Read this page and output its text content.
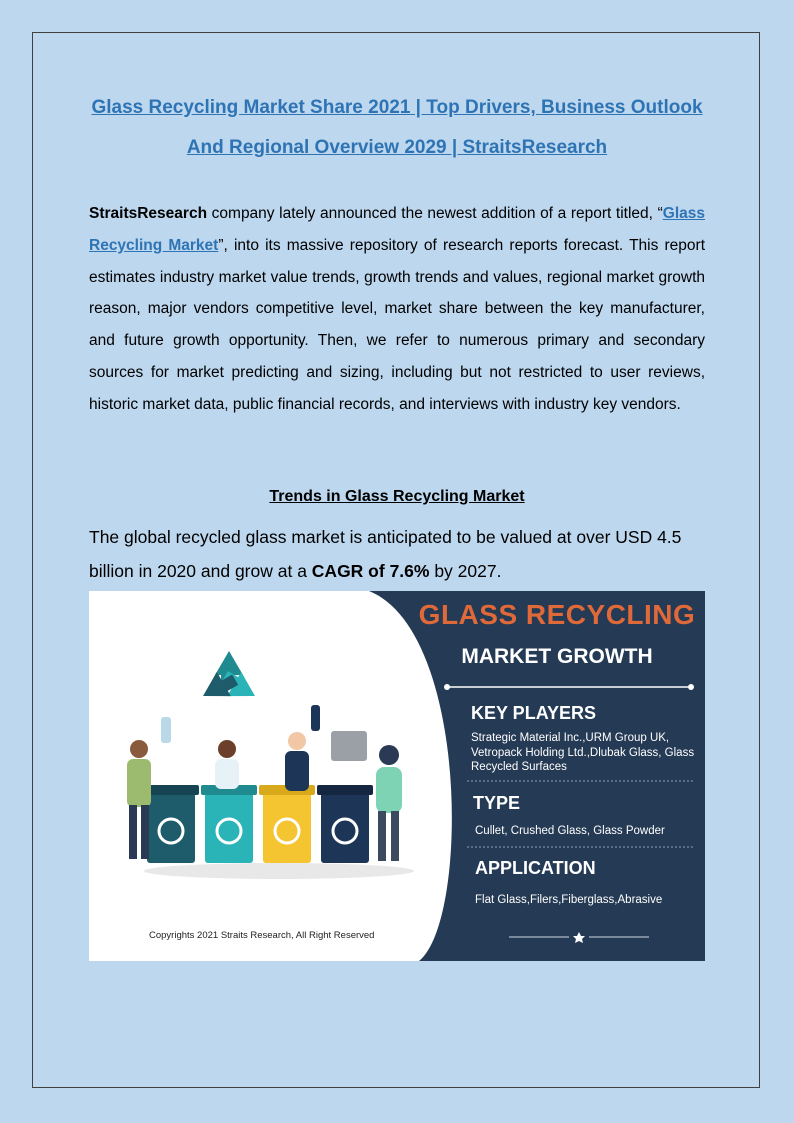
Glass Recycling Market Share 2021 | Top Drivers, Business Outlook
And Regional Overview 2029 | StraitsResearch
StraitsResearch company lately announced the newest addition of a report titled, “Glass Recycling Market”, into its massive repository of research reports forecast. This report estimates industry market value trends, growth trends and values, regional market growth reason, major vendors competitive level, market share between the key manufacturer, and future growth opportunity. Then, we refer to numerous primary and secondary sources for market predicting and sizing, including but not restricted to user reviews, historic market data, public financial records, and interviews with industry key vendors.
Trends in Glass Recycling Market
The global recycled glass market is anticipated to be valued at over USD 4.5 billion in 2020 and grow at a CAGR of 7.6% by 2027.
GLASS RECYCLING
MARKET GROWTH
KEY PLAYERS
Strategic Material Inc.,URM Group UK, Vetropack Holding Ltd.,Dlubak Glass, Glass Recycled Surfaces
TYPE
Cullet, Crushed Glass, Glass Powder
APPLICATION
Flat Glass,Filers,Fiberglass,Abrasive
Copyrights 2021 Straits Research, All Right Reserved
